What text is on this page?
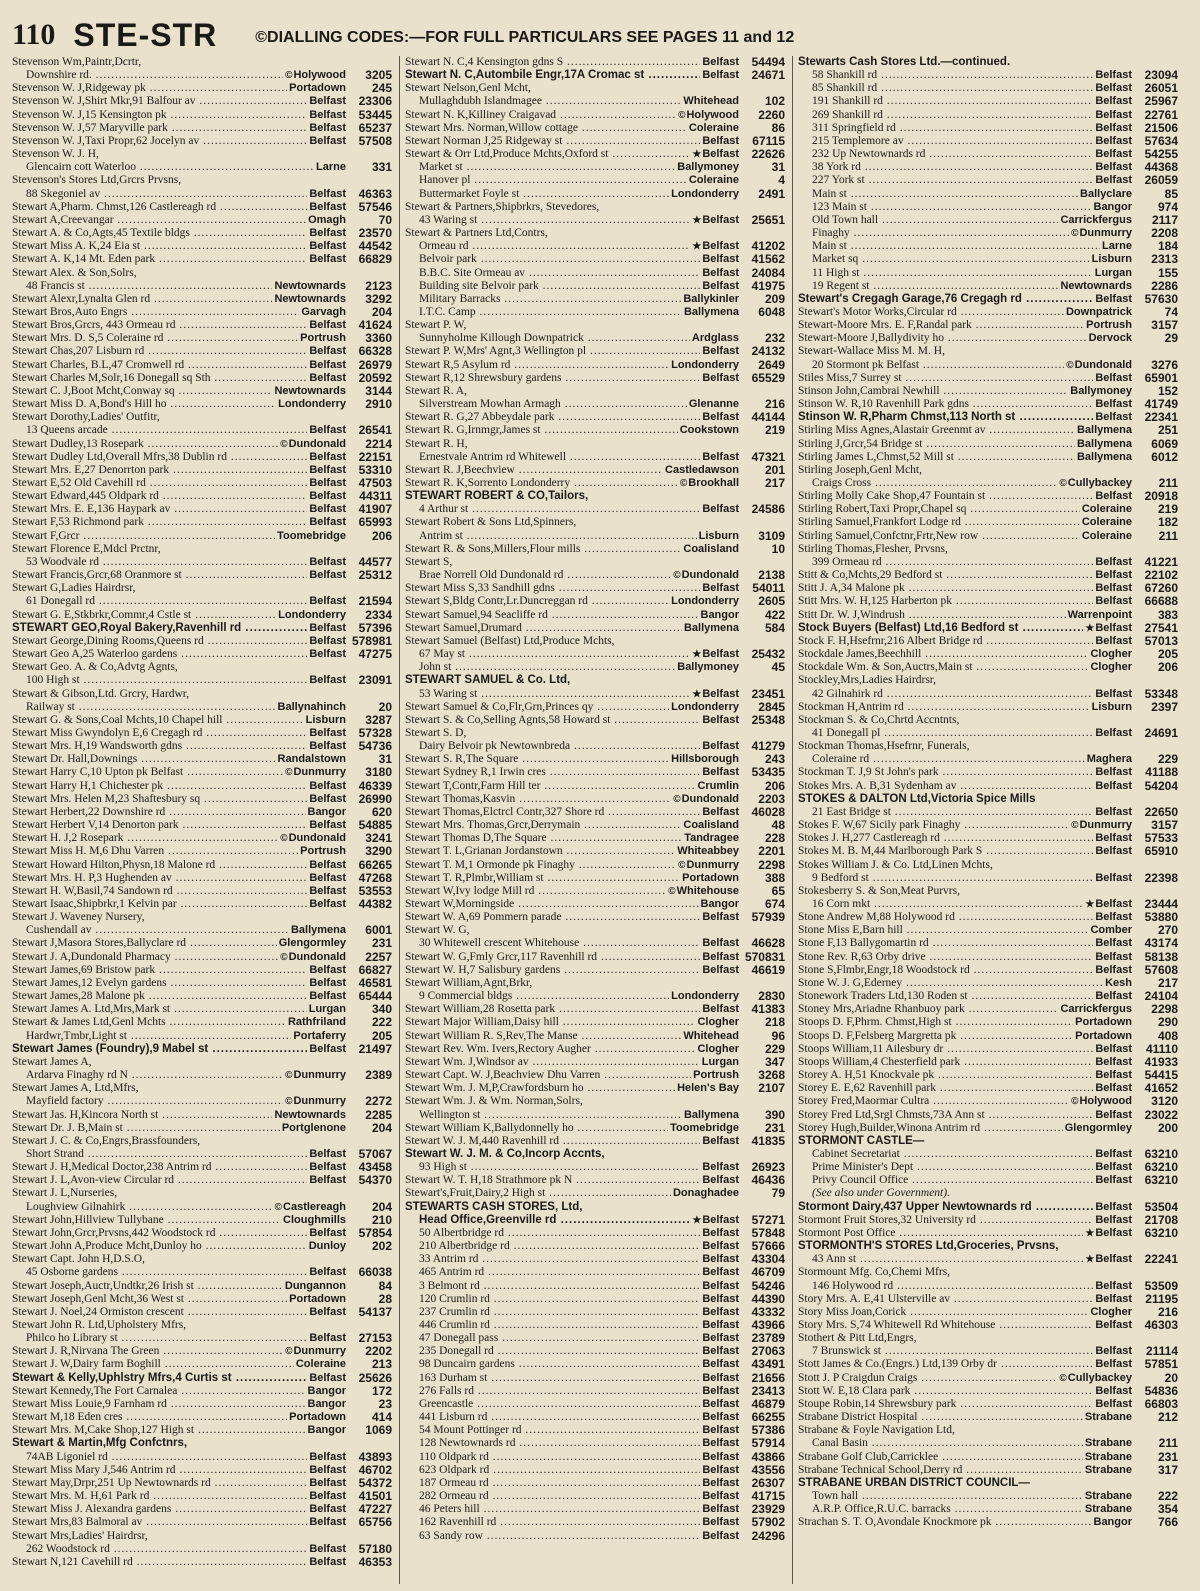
110 STE-STR ©DIALLING CODES:—FOR FULL PARTICULARS SEE PAGES 11 and 12
Stevenson Wm,Paintr,Dcrtr,
Downshire rd. .....	©Holywood	3205
Stevenson W. J,Ridgeway pk .....	Portadown	245
Stevenson W. J,Shirt Mkr,91 Balfour av .....	Belfast	23306
Stevenson W. J,15 Kensington pk .....	Belfast	53445
Stevenson W. J,57 Maryville park .....	Belfast	65237
Stevenson W. J,Taxi Propr,62 Jocelyn av .....	Belfast	57508
Stevenson W. J. H,
Glencairn cott Waterloo .....	Larne	331
Stevenson's Stores Ltd,Grcrs Prvsns,
88 Skegoniel av .....	Belfast	46363
Stewart A,Pharm. Chmst,126 Castlereagh rd .....	Belfast	57546
Stewart A,Creevangar .....	Omagh	70
Stewart A. & Co,Agts,45 Textile bldgs .....	Belfast	23570
Stewart Miss A. K,24 Eia st .....	Belfast	44542
Stewart A. K,14 Mt. Eden park .....	Belfast	66829
Stewart Alex. & Son,Solrs,
48 Francis st .....	Newtownards	2123
Stewart Alexr,Lynalta Glen rd .....	Newtownards	3292
Stewart Bros,Auto Engrs .....	Garvagh	204
Stewart Bros,Grcrs, 443 Ormeau rd .....	Belfast	41624
Stewart Mrs. D. S,5 Coleraine rd .....	Portrush	3360
Stewart Chas,207 Lisburn rd .....	Belfast	66328
Stewart Charles, B.L,47 Cromwell rd .....	Belfast	26979
Stewart Charles M,Solr,16 Donegall sq Sth .....	Belfast	20592
Stewart C. J,Boot Mcht,Conway sq .....	Newtownards	3144
Stewart Miss D. A,Bond's Hill ho .....	Londonderry	2910
Stewart Dorothy,Ladies' Outfitr,
13 Queens arcade .....	Belfast	26541
Stewart Dudley,13 Rosepark .....	©Dundonald	2214
Stewart Dudley Ltd,Overall Mfrs,38 Dublin rd .....	Belfast	22151
Stewart Mrs. E,27 Denorrton park .....	Belfast	53310
Stewart E,52 Old Cavehill rd .....	Belfast	47503
Stewart Edward,445 Oldpark rd .....	Belfast	44311
Stewart Mrs. E. E,136 Haypark av .....	Belfast	41907
Stewart F,53 Richmond park .....	Belfast	65993
Stewart F,Grcr .....	Toomebridge	206
Stewart Florence E,Mdcl Prctnr,
53 Woodvale rd .....	Belfast	44577
Stewart Francis,Grcr,68 Oranmore st .....	Belfast	25312
Stewart G,Ladies Hairdrsr,
61 Donegall rd .....	Belfast	21594
Stewart G. E,Stkbrkr,Commr,4 Cstle st .....	Londonderry	2334
STEWART GEO,Royal Bakery,Ravenhill rd .....	Belfast	57396
Stewart George,Dining Rooms,Queens rd .....	Belfast 578981
Stewart Geo A,25 Waterloo gardens .....	Belfast	47275
Stewart Geo. A. & Co,Advtg Agnts,
100 High st .....	Belfast	23091
Stewart & Gibson,Ltd. Grcry, Hardwr,
Railway st .....	Ballynahinch	20
Stewart G. & Sons,Coal Mchts,10 Chapel hill .....	Lisburn	3287
Stewart Miss Gwyndolyn E,6 Cregagh rd .....	Belfast	57328
Stewart Mrs. H,19 Wandsworth gdns .....	Belfast	54736
Stewart Dr. Hall,Downings .....	Randalstown	31
Stewart Harry C,10 Upton pk Belfast .....	©Dunmurry	3180
Stewart Harry H,1 Chichester pk .....	Belfast	46339
Stewart Mrs. Helen M,23 Shaftesbury sq .....	Belfast	26990
Stewart Herbert,22 Downshire rd .....	Bangor	620
Stewart Herbert V,14 Denorton park .....	Belfast	54885
Stewart H. J,2 Rosepark .....	©Dundonald	3241
Stewart Miss H. M,6 Dhu Varren .....	Portrush	3290
Stewart Howard Hilton,Physn,18 Malone rd .....	Belfast	66265
Stewart Mrs. H. P,3 Hughenden av .....	Belfast	47268
Stewart H. W,Basil,74 Sandown rd .....	Belfast	53553
Stewart Isaac,Shipbrkr,1 Kelvin par .....	Belfast	44382
Stewart J. Waveney Nursery,
Cushendall av .....	Ballymena	6001
Stewart J,Masora Stores,Ballyclare rd .....	Glengormley	231
Stewart J. A,Dundonald Pharmacy .....	©Dundonald	2257
Stewart James,69 Bristow park .....	Belfast	66827
Stewart James,12 Evelyn gardens .....	Belfast	46581
Stewart James,28 Malone pk .....	Belfast	65444
Stewart James A. Ltd,Mrs,Mark st .....	Lurgan	340
Stewart & James Ltd,Genl Mchts .....	Rathfriland	222
Hardwr,Tmbr,Light st .....	Portaferry	205
Stewart James (Foundry),9 Mabel st .....	Belfast	21497
Stewart James A,
Ardarva Finaghy rd N .....	©Dunmurry	2389
Stewart James A, Ltd,Mfrs,
Mayfield factory .....	©Dunmurry	2272
Stewart Jas. H,Kincora North st .....	Newtownards	2285
Stewart Dr. J. B,Main st .....	Portglenone	204
Stewart J. C. & Co,Engrs,Brassfounders,
Short Strand .....	Belfast	57067
Stewart J. H,Medical Doctor,238 Antrim rd .....	Belfast	43458
Stewart J. L,Avon-view Circular rd .....	Belfast	54370
Stewart J. L,Nurseries,
Loughview Gilnahirk .....	©Castlereagh	204
Stewart John,Hillview Tullybane .....	Cloughmills	210
Stewart John,Grcr,Prvsns,442 Woodstock rd .....	Belfast	57854
Stewart John A,Produce Mcht,Dunloy ho .....	Dunloy	202
Stewart Capt. John H,D.S.O,
45 Osborne gardens .....	Belfast	66038
Stewart Joseph,Auctr,Undtkr,26 Irish st .....	Dungannon	84
Stewart Joseph,Genl Mcht,36 West st .....	Portadown	28
Stewart J. Noel,24 Ormiston crescent .....	Belfast	54137
Stewart John R. Ltd,Upholstery Mfrs,
Philco ho Library st .....	Belfast	27153
Stewart J. R,Nirvana The Green .....	©Dunmurry	2202
Stewart J. W,Dairy farm Boghill .....	Coleraine	213
Stewart & Kelly,Uphlstry Mfrs,4 Curtis st .....	Belfast	25626
Stewart Kennedy,The Fort Carnalea .....	Bangor	172
Stewart Miss Louie,9 Farnham rd .....	Bangor	23
Stewart M,18 Eden cres .....	Portadown	414
Stewart Mrs. M,Cake Shop,127 High st .....	Bangor	1069
Stewart & Martin,Mfg Confctnrs,
74AB Ligoniel rd .....	Belfast	43893
Stewart Miss Mary J,546 Antrim rd .....	Belfast	46702
Stewart May,Drpr,251 Up Newtownards rd .....	Belfast	54372
Stewart Mrs. M. H,61 Park rd .....	Belfast	41501
Stewart Miss J. Alexandra gardens .....	Belfast	47227
Stewart Mrs,83 Balmoral av .....	Belfast	65756
Stewart Mrs,Ladies' Hairdrsr,
262 Woodstock rd .....	Belfast	57180
Stewart N,121 Cavehill rd .....	Belfast	46353
Stewart N. C,4 Kensington gdns S .....	Belfast	54494
Stewart N. C,Autombile Engr,17A Cromac st .....	Belfast	24671
Stewart Nelson,Genl Mcht,
Mullaghdubh Islandmagee .....	Whitehead	102
Stewart N. K,Killiney Craigavad .....	©Holywood	2260
Stewart Mrs. Norman,Willow cottage .....	Coleraine	86
Stewart Norman J,25 Ridgeway st .....	Belfast	67115
Stewart & Orr Ltd,Produce Mchts,Oxford st .....	★Belfast	22626
Market st .....	Ballymoney	31
Hanover pl .....	Coleraine	4
Buttermarket Foyle st .....	Londonderry	2491
Stewart & Partners,Shipbrkrs, Stevedores,
43 Waring st .....	★Belfast	25651
Stewart & Partners Ltd,Contrs,
Ormeau rd .....	★Belfast	41202
Belvoir park .....	Belfast	41562
B.B.C. Site Ormeau av .....	Belfast	24084
Building site Belvoir park .....	Belfast	41975
Military Barracks .....	Ballykinler	209
I.T.C. Camp .....	Ballymena	6048
Stewart P. W,
Sunnyholme Killough Downpatrick .....	Ardglass	232
Stewart P. W,Mrs' Agnt,3 Wellington pl .....	Belfast	24132
Stewart R,5 Asylum rd .....	Londonderry	2649
Stewart R,12 Shrewsbury gardens .....	Belfast	65529
Stewart R. A,
Silverstream Mowhan Armagh .....	Glenanne	216
Stewart R. G,27 Abbeydale park .....	Belfast	44144
Stewart R. G,Irnmgr,James st .....	Cookstown	219
Stewart R. H,
Ernestvale Antrim rd Whitewell .....	Belfast	47321
Stewart R. J,Beechview .....	Castledawson	201
Stewart R. K,Sorrento Londonderry .....	©Brookhall	217
STEWART ROBERT & CO,Tailors,
4 Arthur st .....	Belfast	24586
Stewart Robert & Sons Ltd,Spinners,
Antrim st .....	Lisburn	3109
Stewart R. & Sons,Millers,Flour mills .....	Coalisland	10
Stewart S,
Brae Norrell Old Dundonald rd .....	©Dundonald	2138
Stewart Miss S,33 Sandhill gdns .....	Belfast	54011
Stewart S,Bldg Contr,Lr.Duncreggan rd .....	Londonderry	2605
Stewart Samuel,94 Seacliffe rd .....	Bangor	422
Stewart Samuel,Drumard .....	Ballymena	584
Stewart Samuel (Belfast) Ltd,Produce Mchts,
67 May st .....	★Belfast	25432
John st .....	Ballymoney	45
STEWART SAMUEL & Co. Ltd,
53 Waring st .....	★Belfast	23451
Stewart Samuel & Co,Flr,Grn,Princes qy .....	Londonderry	2845
Stewart S. & Co,Selling Agnts,58 Howard st .....	Belfast	25348
Stewart S. D,
Dairy Belvoir pk Newtownbreda .....	Belfast	41279
Stewart S. R,The Square .....	Hillsborough	243
Stewart Sydney R,1 Irwin cres .....	Belfast	53435
Stewart T,Contr,Farm Hill ter .....	Crumlin	206
Stewart Thomas,Kasvin .....	©Dundonald	2203
Stewart Thomas,Elctrcl Contr,327 Shore rd .....	Belfast	46028
Stewart Mrs. Thomas,Grcr,Derrymain .....	Coalisland	48
Stewart Thomas D,The Square .....	Tandragee	228
Stewart T. L,Grianan Jordanstown .....	Whiteabbey	2201
Stewart T. M,1 Ormonde pk Finaghy .....	©Dunmurry	2298
Stewart T. R,Plmbr,William st .....	Portadown	388
Stewart W,Ivy lodge Mill rd .....	©Whitehouse	65
Stewart W,Morningside .....	Bangor	674
Stewart W. A,69 Pommern parade .....	Belfast	57939
Stewart W. G,
30 Whitewell crescent Whitehouse .....	Belfast	46628
Stewart W. G,Fmly Grcr,117 Ravenhill rd .....	Belfast 570831
Stewart W. H,7 Salisbury gardens .....	Belfast	46619
Stewart William,Agnt,Brkr,
9 Commercial bldgs .....	Londonderry	2830
Stewart William,28 Rosetta park .....	Belfast	41383
Stewart Major William,Daisy hill .....	Clogher	218
Stewart William R. S,Rev,The Manse .....	Whitehead	96
Stewart Rev. Wm. Ivers,Rectory Augher .....	Clogher	229
Stewart Wm. J,Windsor av .....	Lurgan	347
Stewart Capt. W. J,Beachview Dhu Varren .....	Portrush	3268
Stewart Wm. J. M,P,Crawfordsburn ho .....	Helen's Bay	2107
Stewart Wm. J. & Wm. Norman,Solrs,
Wellington st .....	Ballymena	390
Stewart William K,Ballydonnelly ho .....	Toomebridge	231
Stewart W. J. M,440 Ravenhill rd .....	Belfast	41835
Stewart W. J. M. & Co,Incorp Accnts,
93 High st .....	Belfast	26923
Stewart W. T. H,18 Strathmore pk N .....	Belfast	46436
Stewart's,Fruit,Dairy,2 High st .....	Donaghadee	79
STEWARTS CASH STORES, Ltd,
Head Office,Greenville rd .....	★Belfast	57271
50 Albertbridge rd .....	Belfast	57848
210 Albertbridge rd .....	Belfast	57666
33 Antrim rd .....	Belfast	43304
465 Antrim rd .....	Belfast	46709
3 Belmont rd .....	Belfast	54246
120 Crumlin rd .....	Belfast	44390
237 Crumlin rd .....	Belfast	43332
446 Crumlin rd .....	Belfast	43966
47 Donegall pass .....	Belfast	23789
235 Donegall rd .....	Belfast	27063
98 Duncairn gardens .....	Belfast	43491
163 Durham st .....	Belfast	21656
276 Falls rd .....	Belfast	23413
Greencastle .....	Belfast	46879
441 Lisburn rd .....	Belfast	66255
54 Mount Pottinger rd .....	Belfast	57386
128 Newtownards rd .....	Belfast	57914
110 Oldpark rd .....	Belfast	43866
623 Oldpark rd .....	Belfast	43556
187 Ormeau rd .....	Belfast	26307
282 Ormeau rd .....	Belfast	41715
46 Peters hill .....	Belfast	23929
162 Ravenhill rd .....	Belfast	57902
63 Sandy row .....	Belfast	24296
Stewarts Cash Stores Ltd.—continued.
58 Shankill rd .....	Belfast	23094
85 Shankill rd .....	Belfast	26051
191 Shankill rd .....	Belfast	25967
269 Shankill rd .....	Belfast	22761
311 Springfield rd .....	Belfast	21506
215 Templemore av .....	Belfast	57634
232 Up Newtownards rd .....	Belfast	54255
38 York rd .....	Belfast	44368
227 York st .....	Belfast	26059
Main st .....	Ballyclare	85
123 Main st .....	Bangor	974
Old Town hall .....	Carrickfergus	2117
Finaghy .....	©Dunmurry	2208
Main st .....	Larne	184
Market sq .....	Lisburn	2313
11 High st .....	Lurgan	155
19 Regent st .....	Newtownards	2286
Stewart's Cregagh Garage,76 Cregagh rd .....	Belfast	57630
Stewart's Motor Works,Circular rd .....	Downpatrick	74
Stewart-Moore Mrs. E. F,Randal park .....	Portrush	3157
Stewart-Moore J,Ballydivity ho .....	Dervock	29
Stewart-Wallace Miss M. M. H,
20 Stormont pk Belfast .....	©Dundonald	3276
Stiles Miss,7 Surrey st .....	Belfast	65901
Stinson John,Cambrai Newhill .....	Ballymoney	152
Stinson W. R,10 Ravenhill Park gdns .....	Belfast	41749
Stinson W. R,Pharm Chmst,113 North st .....	Belfast	22341
Stirling Miss Agnes,Alastair Greenmt av .....	Ballymena	251
Stirling J,Grcr,54 Bridge st .....	Ballymena	6069
Stirling James L,Chmst,52 Mill st .....	Ballymena	6012
Stirling Joseph,Genl Mcht,
Craigs Cross .....	©Cullybackey	211
Stirling Molly Cake Shop,47 Fountain st .....	Belfast	20918
Stirling Robert,Taxi Propr,Chapel sq .....	Coleraine	219
Stirling Samuel,Frankfort Lodge rd .....	Coleraine	182
Stirling Samuel,Confctnr,Frtr,New row .....	Coleraine	211
Stirling Thomas,Flesher, Prvsns,
399 Ormeau rd .....	Belfast	41221
Stitt & Co,Mchts,29 Bedford st .....	Belfast	22102
Stitt J. A,34 Malone pk .....	Belfast	67260
Stitt Mrs. W. H,125 Harberton pk .....	Belfast	66688
Stitt Dr. W. J,Windrush .....	Warrenpoint	383
Stock Buyers (Belfast) Ltd,16 Bedford st .....	★Belfast	27541
Stock F. H,Hsefrnr,216 Albert Bridge rd .....	Belfast	57013
Stockdale James,Beechhill .....	Clogher	205
Stockdale Wm. & Son,Auctrs,Main st .....	Clogher	206
Stockley,Mrs,Ladies Hairdrsr,
42 Gilnahirk rd .....	Belfast	53348
Stockman H,Antrim rd .....	Lisburn	2397
Stockman S. & Co,Chrtd Accntnts,
41 Donegall pl .....	Belfast	24691
Stockman Thomas,Hsefrnr, Funerals,
Coleraine rd .....	Maghera	229
Stockman T. J,9 St John's park .....	Belfast	41188
Stokes Mrs. A. B,31 Sydenham av .....	Belfast	54204
STOKES & DALTON Ltd,Victoria Spice Mills
21 East Bridge st .....	Belfast	22650
Stokes F. W,67 Sicily park Finaghy .....	©Dunmurry	3157
Stokes J. H,277 Castlereagh rd .....	Belfast	57533
Stokes M. B. M,44 Marlborough Park S .....	Belfast	65910
Stokes William J. & Co. Ltd,Linen Mchts,
9 Bedford st .....	Belfast	22398
Stokesberry S. & Son,Meat Purvrs,
16 Corn mkt .....	★Belfast	23444
Stone Andrew M,88 Holywood rd .....	Belfast	53880
Stone Miss E,Barn hill .....	Comber	270
Stone F,13 Ballygomartin rd .....	Belfast	43174
Stone Rev. R,63 Orby drive .....	Belfast	58138
Stone S,Flmbr,Engr,18 Woodstock rd .....	Belfast	57608
Stone W. J. G,Ederney .....	Kesh	217
Stonework Traders Ltd,130 Roden st .....	Belfast	24104
Stoney Mrs,Ariadne Rhanbuoy park .....	Carrickfergus	2298
Stoops D. F,Phrm. Chmst,High st .....	Portadown	290
Stoops D. F,Felsberg Margretta pk .....	Portadown	408
Stoops William,11 Ailesbury dr .....	Belfast	41110
Stoops William,4 Chesterfield park .....	Belfast	41933
Storey A. H,51 Knockvale pk .....	Belfast	54415
Storey E. E,62 Ravenhill park .....	Belfast	41652
Storey Fred,Maormar Cultra .....	©Holywood	3120
Storey Fred Ltd,Srgl Chmsts,73A Ann st .....	Belfast	23022
Storey Hugh,Builder,Winona Antrim rd .....	Glengormley	200
STORMONT CASTLE—
Cabinet Secretariat .....	Belfast	63210
Prime Minister's Dept .....	Belfast	63210
Privy Council Office .....	Belfast	63210
(See also under Government).
Stormont Dairy,437 Upper Newtownards rd .....	Belfast	53504
Stormont Fruit Stores,32 University rd .....	Belfast	21708
Stormont Post Office .....	★Belfast	63210
STORMONTH'S STORES Ltd,Groceries, Prvsns,
43 Ann st .....	★Belfast	22241
Stormount Mfg. Co,Chemi Mfrs,
146 Holywood rd .....	Belfast	53509
Story Mrs. A. E,41 Ulsterville av .....	Belfast	21195
Story Miss Joan,Corick .....	Clogher	216
Story Mrs. S,74 Whitewell Rd Whitehouse .....	Belfast	46303
Stothert & Pitt Ltd,Engrs,
7 Brunswick st .....	Belfast	21114
Stott James & Co.(Engrs.) Ltd,139 Orby dr .....	Belfast	57851
Stott J. P Craigdun Craigs .....	©Cullybackey	20
Stott W. E,18 Clara park .....	Belfast	54836
Stoupe Robin,14 Shrewsbury park .....	Belfast	66803
Strabane District Hospital .....	Strabane	212
Strabane & Foyle Navigation Ltd,
Canal Basin .....	Strabane	211
Strabane Golf Club,Carricklee .....	Strabane	231
Strabane Technical School,Derry rd .....	Strabane	317
STRABANE URBAN DISTRICT COUNCIL—
Town hall .....	Strabane	222
A.R.P. Office,R.U.C. barracks .....	Strabane	354
Strachan S. T. O,Avondale Knockmore pk .....	Bangor	766
